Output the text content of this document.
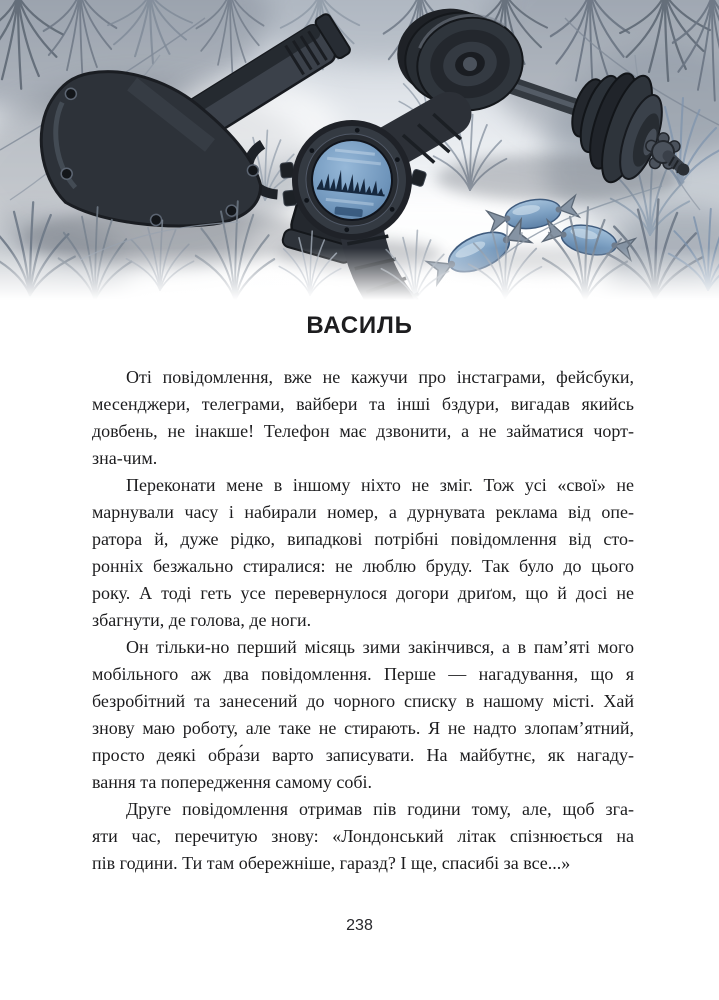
ВАСИЛЬ
Оті повідомлення, вже не кажучи про інстаграми, фейсбуки,
месенджери, телеграми, вайбери та інші бздури, вигадав якийсь
довбень, не інакше! Телефон має дзвонити, а не займатися чорт-
зна-чим.
Переконати мене в іншому ніхто не зміг. Тож усі «свої» не
марнували часу і набирали номер, а дурнувата реклама від опе-
ратора й, дуже рідко, випадкові потрібні повідомлення від сто-
ронніх безжально стиралися: не люблю бруду. Так було до цього
року. А тоді геть усе перевернулося догори дриґом, що й досі не
збагнути, де голова, де ноги.
Он тільки-но перший місяць зими закінчився, а в пам’яті мого
мобільного аж два повідомлення. Перше — нагадування, що я
безробітний та занесений до чорного списку в нашому місті. Хай
знову маю роботу, але таке не стирають. Я не надто злопам’ятний,
просто деякі обра́зи варто записувати. На майбутнє, як нагаду-
вання та попередження самому собі.
Друге повідомлення отримав пів години тому, але, щоб зга-
яти час, перечитую знову: «Лондонський літак спізнюється на
пів години. Ти там обережніше, гаразд? І ще, спасибі за все...»
238
